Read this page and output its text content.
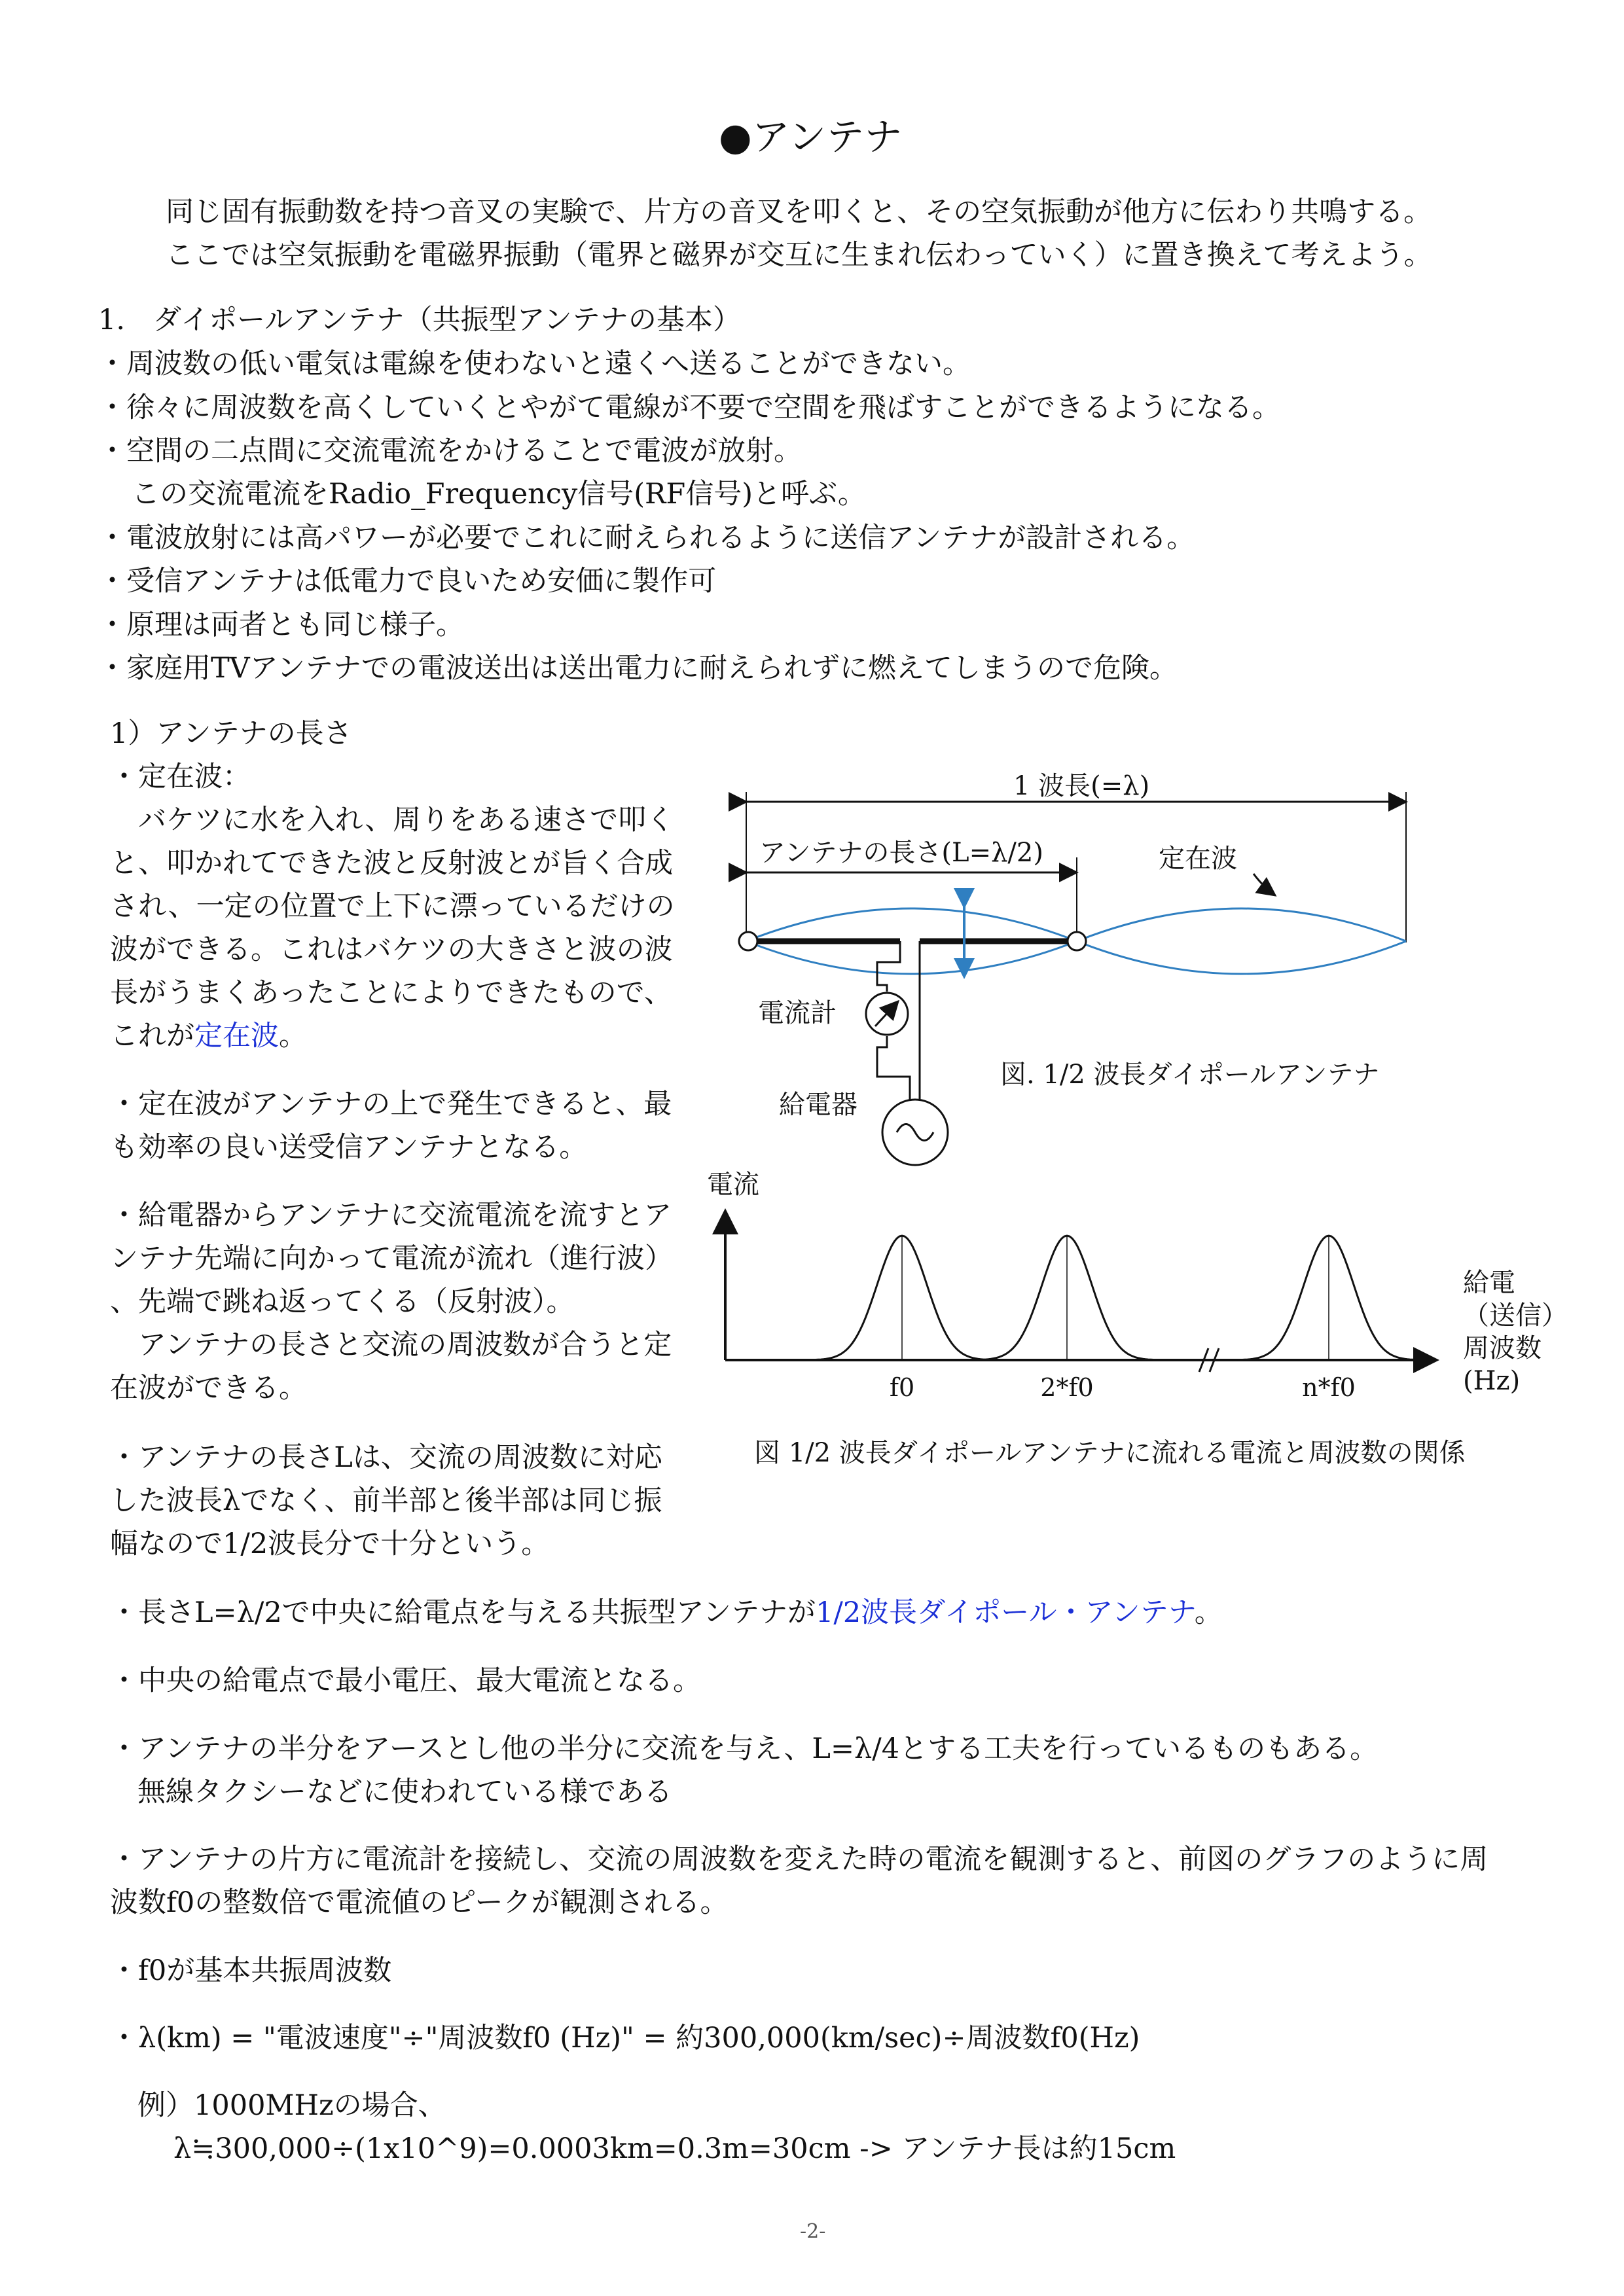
●アンテナ
同じ固有振動数を持つ音叉の実験で、片方の音叉を叩くと、その空気振動が他方に伝わり共鳴する。
ここでは空気振動を電磁界振動（電界と磁界が交互に生まれ伝わっていく）に置き換えて考えよう。
1.　ダイポールアンテナ（共振型アンテナの基本）
・周波数の低い電気は電線を使わないと遠くへ送ることができない。
・徐々に周波数を高くしていくとやがて電線が不要で空間を飛ばすことができるようになる。
・空間の二点間に交流電流をかけることで電波が放射。
この交流電流をRadio_Frequency信号(RF信号)と呼ぶ。
・電波放射には高パワーが必要でこれに耐えられるように送信アンテナが設計される。
・受信アンテナは低電力で良いため安価に製作可
・原理は両者とも同じ様子。
・家庭用TVアンテナでの電波送出は送出電力に耐えられずに燃えてしまうので危険。
1）アンテナの長さ
・定在波：
　バケツに水を入れ、周りをある速さで叩く
と、叩かれてできた波と反射波とが旨く合成
され、一定の位置で上下に漂っているだけの
波ができる。これはバケツの大きさと波の波
長がうまくあったことによりできたもので、
これが定在波。
・定在波がアンテナの上で発生できると、最
も効率の良い送受信アンテナとなる。
・給電器からアンテナに交流電流を流すとア
ンテナ先端に向かって電流が流れ（進行波）
、先端で跳ね返ってくる（反射波）。
　アンテナの長さと交流の周波数が合うと定
在波ができる。
・アンテナの長さLは、交流の周波数に対応
した波長λでなく、前半部と後半部は同じ振
幅なので1/2波長分で十分という。
1 波長(=λ)
アンテナの長さ(L=λ/2)	定在波
電流計
給電器
図. 1/2 波長ダイポールアンテナ
f0	2*f0	n*f0
電流
給電
（送信）
周波数
(Hz)
図 1/2 波長ダイポールアンテナに流れる電流と周波数の関係
・長さL=λ/2で中央に給電点を与える共振型アンテナが1/2波長ダイポール・アンテナ。
・中央の給電点で最小電圧、最大電流となる。
・アンテナの半分をアースとし他の半分に交流を与え、L=λ/4とする工夫を行っているものもある。
無線タクシーなどに使われている様である
・アンテナの片方に電流計を接続し、交流の周波数を変えた時の電流を観測すると、前図のグラフのように周
波数f0の整数倍で電流値のピークが観測される。
・f0が基本共振周波数
・λ(km) = "電波速度"÷"周波数f0 (Hz)" = 約300,000(km/sec)÷周波数f0(Hz)
例）1000MHzの場合、
λ≒300,000÷(1x10^9)=0.0003km=0.3m=30cm -> アンテナ長は約15cm
-2-
